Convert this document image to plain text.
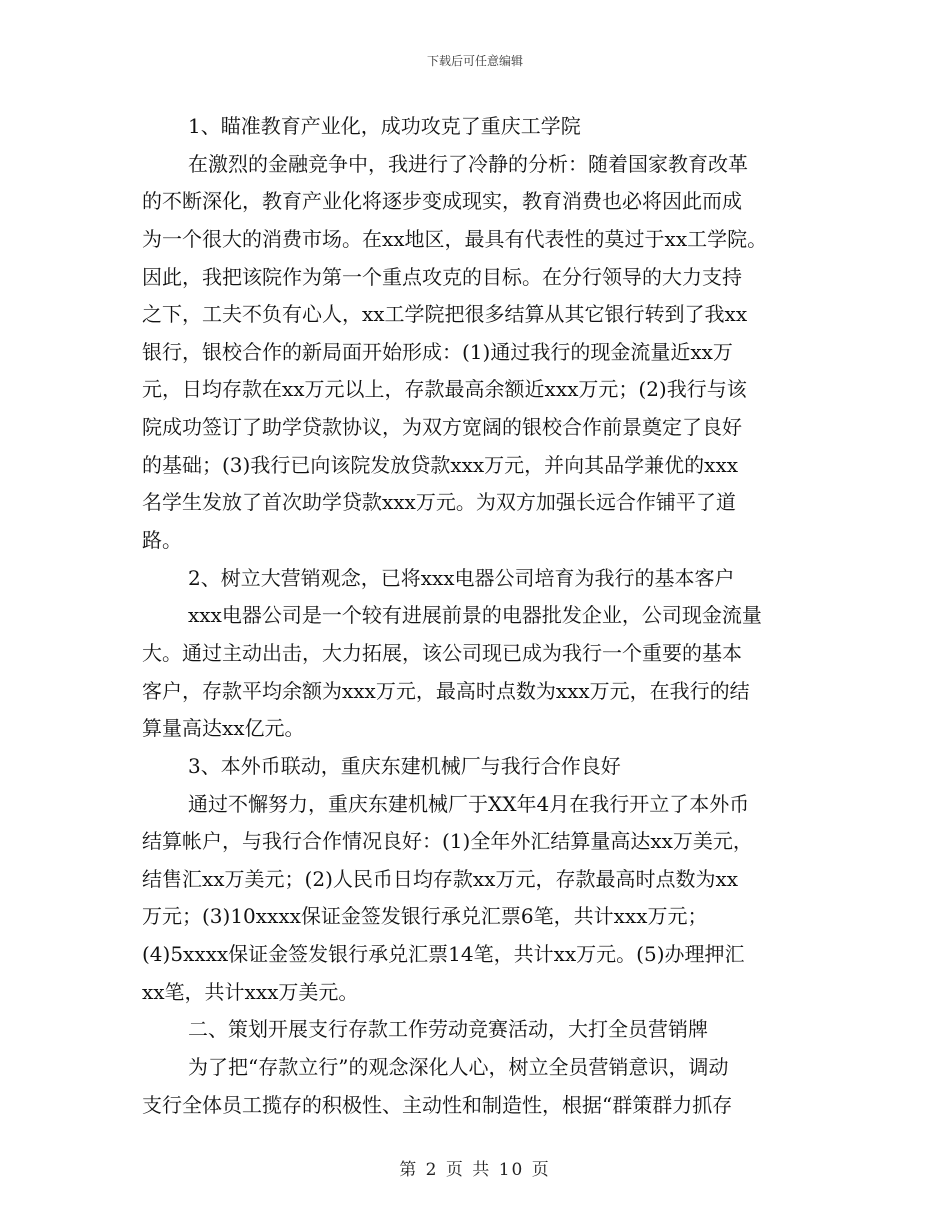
下载后可任意编辑
1、瞄准教育产业化，成功攻克了重庆工学院
在激烈的金融竞争中，我进行了冷静的分析：随着国家教育改革
的不断深化，教育产业化将逐步变成现实，教育消费也必将因此而成
为一个很大的消费市场。在xx地区，最具有代表性的莫过于xx工学院。
因此，我把该院作为第一个重点攻克的目标。在分行领导的大力支持
之下，工夫不负有心人，xx工学院把很多结算从其它银行转到了我xx
银行，银校合作的新局面开始形成：(1)通过我行的现金流量近xx万
元，日均存款在xx万元以上，存款最高余额近xxx万元；(2)我行与该
院成功签订了助学贷款协议，为双方宽阔的银校合作前景奠定了良好
的基础；(3)我行已向该院发放贷款xxx万元，并向其品学兼优的xxx
名学生发放了首次助学贷款xxx万元。为双方加强长远合作铺平了道
路。
2、树立大营销观念，已将xxx电器公司培育为我行的基本客户
xxx电器公司是一个较有进展前景的电器批发企业，公司现金流量
大。通过主动出击，大力拓展，该公司现已成为我行一个重要的基本
客户，存款平均余额为xxx万元，最高时点数为xxx万元，在我行的结
算量高达xx亿元。
3、本外币联动，重庆东建机械厂与我行合作良好
通过不懈努力，重庆东建机械厂于XX年4月在我行开立了本外币
结算帐户，与我行合作情况良好：(1)全年外汇结算量高达xx万美元，
结售汇xx万美元；(2)人民币日均存款xx万元，存款最高时点数为xx
万元；(3)10xxxx保证金签发银行承兑汇票6笔，共计xxx万元；
(4)5xxxx保证金签发银行承兑汇票14笔，共计xx万元。(5)办理押汇
xx笔，共计xxx万美元。
二、策划开展支行存款工作劳动竞赛活动，大打全员营销牌
为了把“存款立行”的观念深化人心，树立全员营销意识，调动
支行全体员工揽存的积极性、主动性和制造性，根据“群策群力抓存
第 2 页 共 10 页
